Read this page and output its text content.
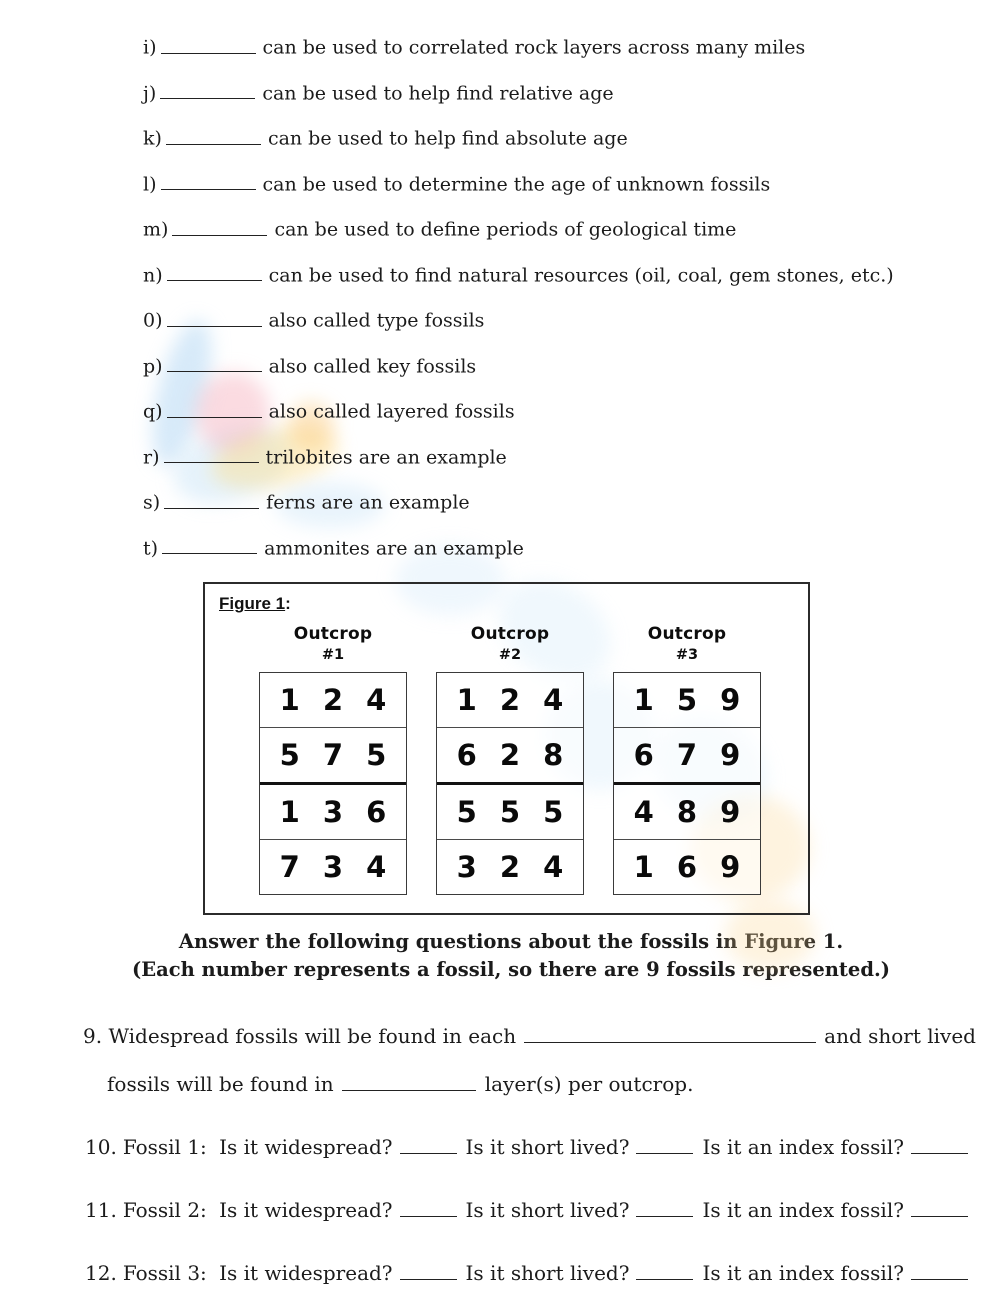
i)	can be used to correlated rock layers across many miles
j)	can be used to help find relative age
k)	can be used to help find absolute age
l)	can be used to determine the age of unknown fossils
m)	can be used to define periods of geological time
n)	can be used to find natural resources (oil, coal, gem stones, etc.)
0)	also called type fossils
p)	also called key fossils
q)	also called layered fossils
r)	trilobites are an example
s)	ferns are an example
t)	ammonites are an example
Figure 1:
Outcrop
#1
1 2 4
5 7 5
1 3 6
7 3 4
Outcrop
#2
1 2 4
6 2 8
5 5 5
3 2 4
Outcrop
#3
1 5 9
6 7 9
4 8 9
1 6 9
Answer the following questions about the fossils in Figure 1.
(Each number represents a fossil, so there are 9 fossils represented.)
9. Widespread fossils will be found in each	and short lived
fossils will be found in	layer(s) per outcrop.
10. Fossil 1: Is it widespread?	Is it short lived?	Is it an index fossil?
11. Fossil 2: Is it widespread?	Is it short lived?	Is it an index fossil?
12. Fossil 3: Is it widespread?	Is it short lived?	Is it an index fossil?
